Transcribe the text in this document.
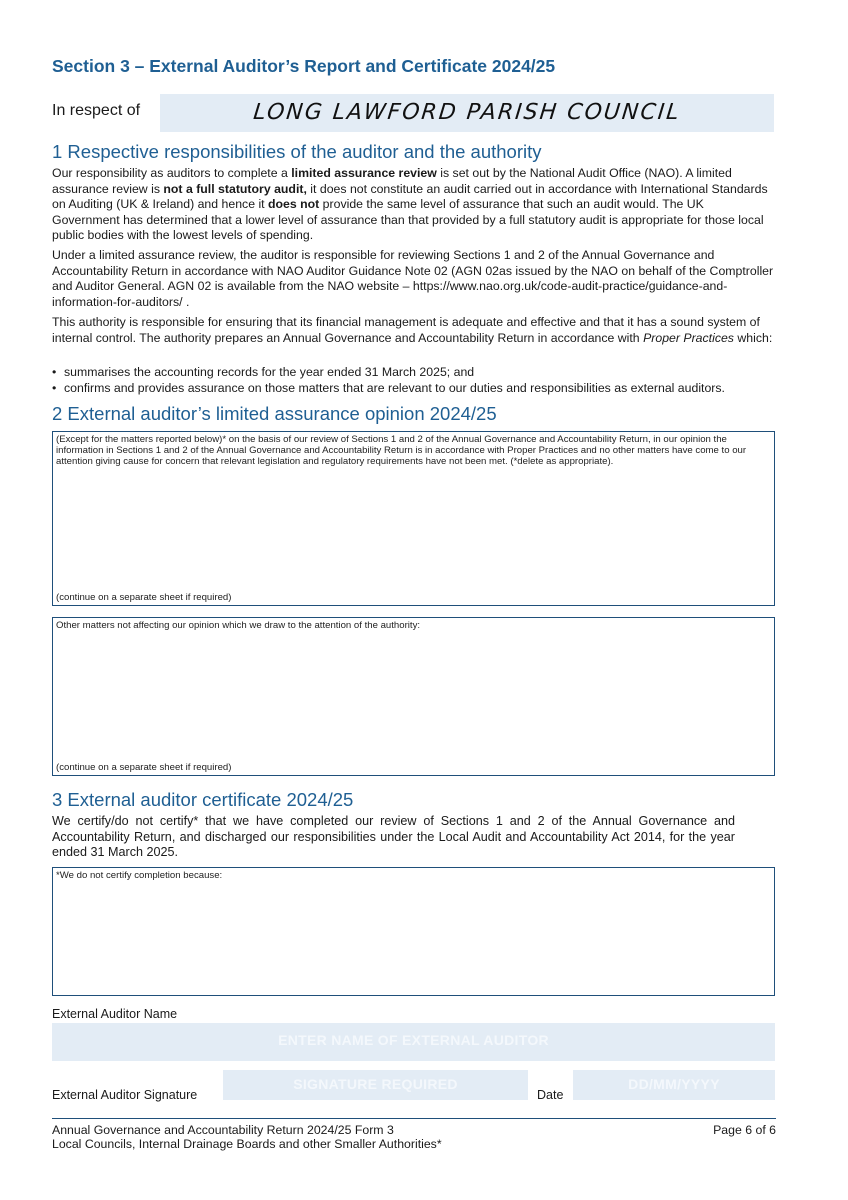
Section 3 – External Auditor’s Report and Certificate 2024/25
In respect of	LONG LAWFORD PARISH COUNCIL
1 Respective responsibilities of the auditor and the authority
Our responsibility as auditors to complete a limited assurance review is set out by the National Audit Office (NAO). A limited assurance review is not a full statutory audit, it does not constitute an audit carried out in accordance with International Standards on Auditing (UK & Ireland) and hence it does not provide the same level of assurance that such an audit would. The UK Government has determined that a lower level of assurance than that provided by a full statutory audit is appropriate for those local public bodies with the lowest levels of spending.
Under a limited assurance review, the auditor is responsible for reviewing Sections 1 and 2 of the Annual Governance and Accountability Return in accordance with NAO Auditor Guidance Note 02 (AGN 02as issued by the NAO on behalf of the Comptroller and Auditor General. AGN 02 is available from the NAO website – https://www.nao.org.uk/code-audit-practice/guidance-and-information-for-auditors/ .
This authority is responsible for ensuring that its financial management is adequate and effective and that it has a sound system of internal control. The authority prepares an Annual Governance and Accountability Return in accordance with Proper Practices which:
• summarises the accounting records for the year ended 31 March 2025; and
• confirms and provides assurance on those matters that are relevant to our duties and responsibilities as external auditors.
2 External auditor’s limited assurance opinion 2024/25
(Except for the matters reported below)* on the basis of our review of Sections 1 and 2 of the Annual Governance and Accountability Return, in our opinion the information in Sections 1 and 2 of the Annual Governance and Accountability Return is in accordance with Proper Practices and no other matters have come to our attention giving cause for concern that relevant legislation and regulatory requirements have not been met. (*delete as appropriate).
(continue on a separate sheet if required)
Other matters not affecting our opinion which we draw to the attention of the authority:
(continue on a separate sheet if required)
3 External auditor certificate 2024/25
We certify/do not certify* that we have completed our review of Sections 1 and 2 of the Annual Governance and Accountability Return, and discharged our responsibilities under the Local Audit and Accountability Act 2014, for the year ended 31 March 2025.
*We do not certify completion because:
External Auditor Name
ENTER NAME OF EXTERNAL AUDITOR
External Auditor Signature
SIGNATURE REQUIRED
Date
DD/MM/YYYY
Annual Governance and Accountability Return 2024/25 Form 3
Local Councils, Internal Drainage Boards and other Smaller Authorities*
Page 6 of 6
